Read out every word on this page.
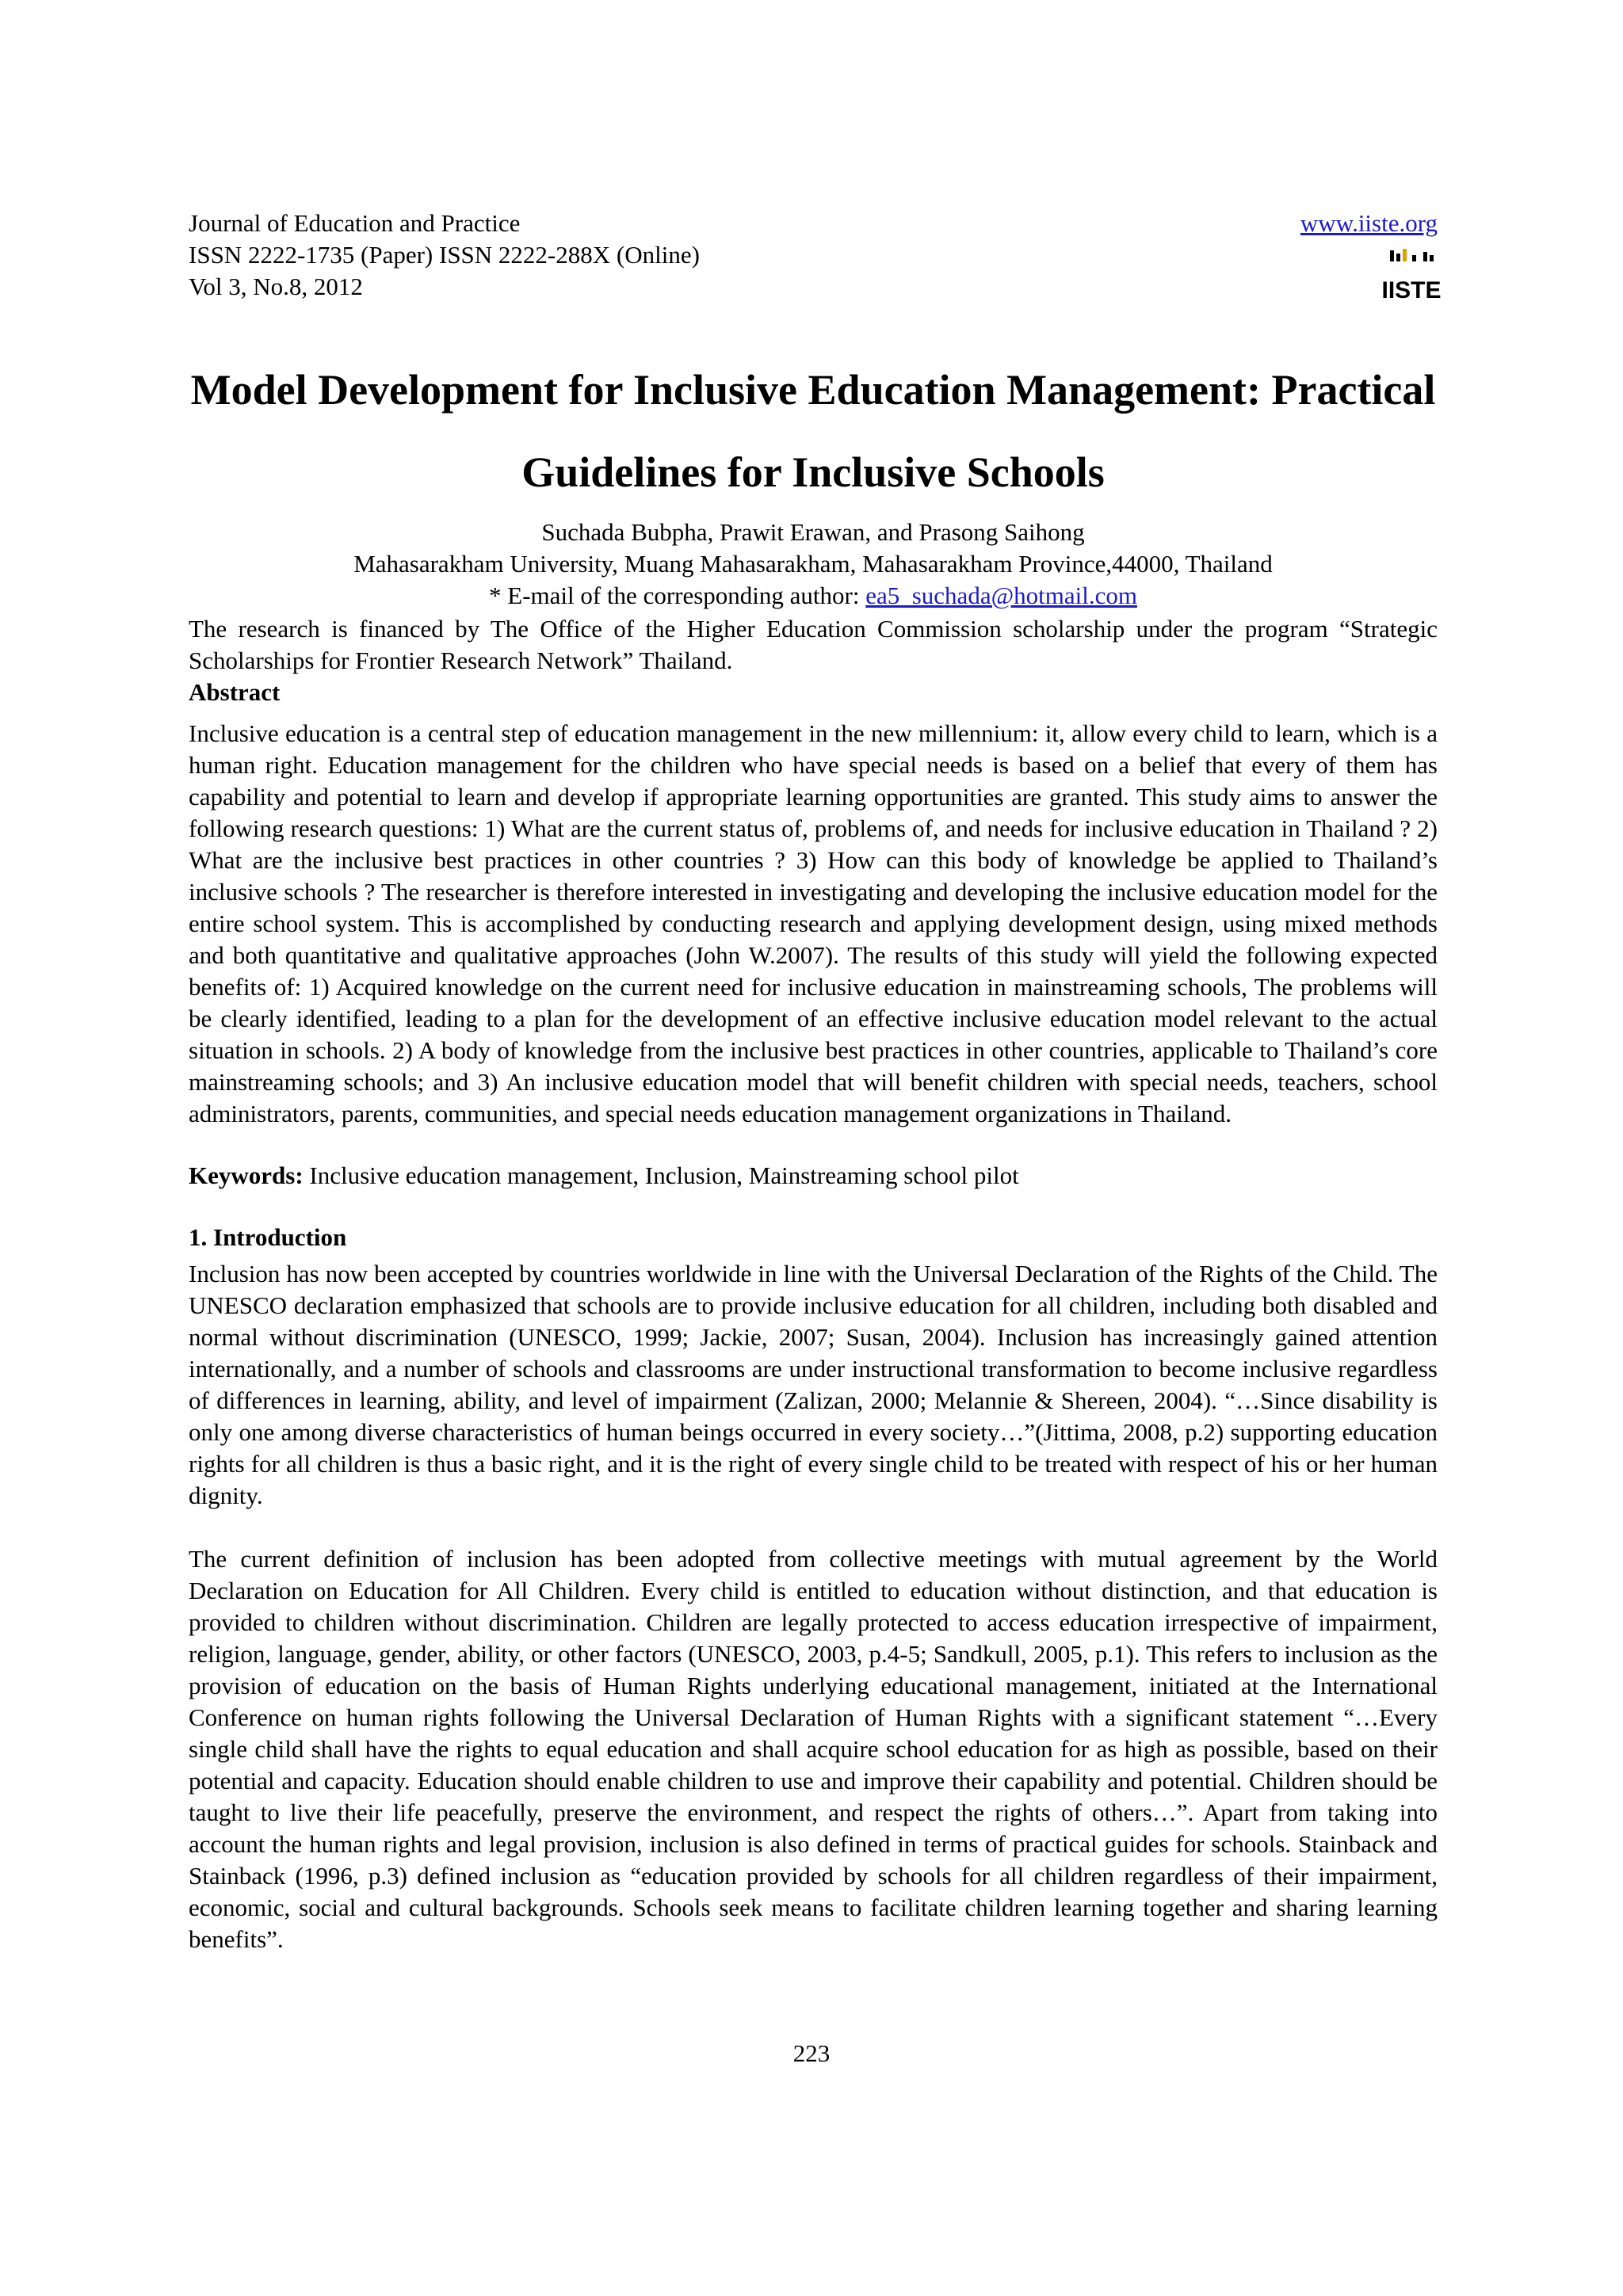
Journal of Education and Practice
ISSN 2222-1735 (Paper) ISSN 2222-288X (Online)
Vol 3, No.8, 2012
www.iiste.org
IISTE
Model Development for Inclusive Education Management: Practical
Guidelines for Inclusive Schools
Suchada Bubpha, Prawit Erawan, and Prasong Saihong
Mahasarakham University, Muang Mahasarakham, Mahasarakham Province,44000, Thailand
* E-mail of the corresponding author: ea5_suchada@hotmail.com

The research is financed by The Office of the Higher Education Commission scholarship under the program “Strategic Scholarships for Frontier Research Network” Thailand.

Abstract

Inclusive education is a central step of education management in the new millennium: it, allow every child to learn, which is a human right. Education management for the children who have special needs is based on a belief that every of them has capability and potential to learn and develop if appropriate learning opportunities are granted. This study aims to answer the following research questions: 1) What are the current status of, problems of, and needs for inclusive education in Thailand ? 2) What are the inclusive best practices in other countries ? 3) How can this body of knowledge be applied to Thailand’s inclusive schools ? The researcher is therefore interested in investigating and developing the inclusive education model for the entire school system. This is accomplished by conducting research and applying development design, using mixed methods and both quantitative and qualitative approaches (John W.2007). The results of this study will yield the following expected benefits of: 1) Acquired knowledge on the current need for inclusive education in mainstreaming schools, The problems will be clearly identified, leading to a plan for the development of an effective inclusive education model relevant to the actual situation in schools. 2) A body of knowledge from the inclusive best practices in other countries, applicable to Thailand’s core mainstreaming schools; and 3) An inclusive education model that will benefit children with special needs, teachers, school administrators, parents, communities, and special needs education management organizations in Thailand.

Keywords: Inclusive education management, Inclusion, Mainstreaming school pilot

1. Introduction

Inclusion has now been accepted by countries worldwide in line with the Universal Declaration of the Rights of the Child. The UNESCO declaration emphasized that schools are to provide inclusive education for all children, including both disabled and normal without discrimination (UNESCO, 1999; Jackie, 2007; Susan, 2004). Inclusion has increasingly gained attention internationally, and a number of schools and classrooms are under instructional transformation to become inclusive regardless of differences in learning, ability, and level of impairment (Zalizan, 2000; Melannie & Shereen, 2004). “…Since disability is only one among diverse characteristics of human beings occurred in every society…”(Jittima, 2008, p.2) supporting education rights for all children is thus a basic right, and it is the right of every single child to be treated with respect of his or her human dignity.

The current definition of inclusion has been adopted from collective meetings with mutual agreement by the World Declaration on Education for All Children. Every child is entitled to education without distinction, and that education is provided to children without discrimination. Children are legally protected to access education irrespective of impairment, religion, language, gender, ability, or other factors (UNESCO, 2003, p.4-5; Sandkull, 2005, p.1). This refers to inclusion as the provision of education on the basis of Human Rights underlying educational management, initiated at the International Conference on human rights following the Universal Declaration of Human Rights with a significant statement “…Every single child shall have the rights to equal education and shall acquire school education for as high as possible, based on their potential and capacity. Education should enable children to use and improve their capability and potential. Children should be taught to live their life peacefully, preserve the environment, and respect the rights of others…”. Apart from taking into account the human rights and legal provision, inclusion is also defined in terms of practical guides for schools. Stainback and Stainback (1996, p.3) defined inclusion as “education provided by schools for all children regardless of their impairment, economic, social and cultural backgrounds. Schools seek means to facilitate children learning together and sharing learning benefits”.

223
